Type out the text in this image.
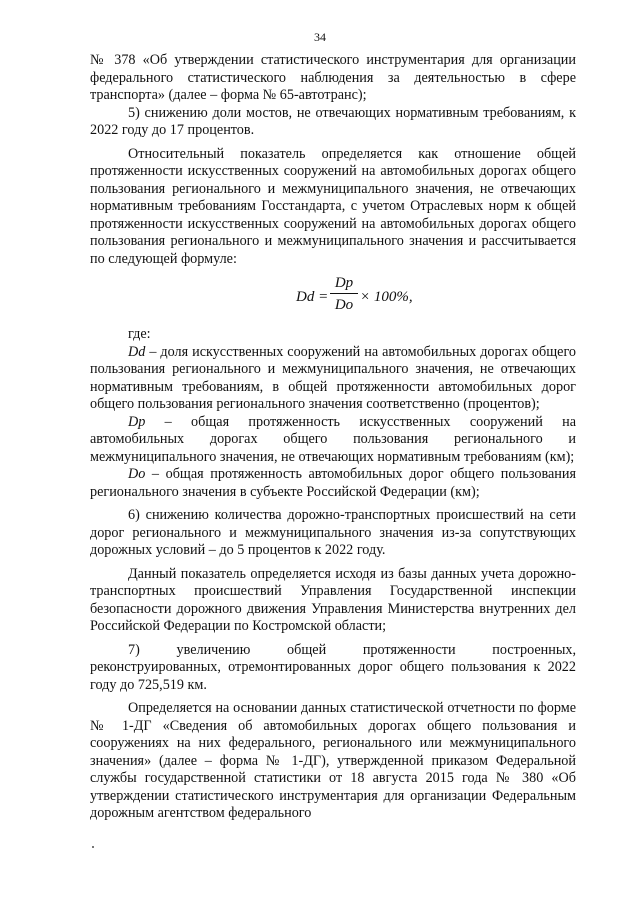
34

№ 378 «Об утверждении статистического инструментария для организации федерального статистического наблюдения за деятельностью в сфере транспорта» (далее – форма № 65-автотранс);

5) снижению доли мостов, не отвечающих нормативным требованиям, к 2022 году до 17 процентов.

Относительный показатель определяется как отношение общей протяженности искусственных сооружений на автомобильных дорогах общего пользования регионального и межмуниципального значения, не отвечающих нормативным требованиям Госстандарта, с учетом Отраслевых норм к общей протяженности искусственных сооружений на автомобильных дорогах общего пользования регионального и межмуниципального значения и рассчитывается по следующей формуле:

Dd =
Dp
Do × 100%,

где:

Dd – доля искусственных сооружений на автомобильных дорогах общего пользования регионального и межмуниципального значения, не отвечающих нормативным требованиям, в общей протяженности автомобильных дорог общего пользования регионального значения соответственно (процентов);

Dp – общая протяженность искусственных сооружений на автомобильных дорогах общего пользования регионального и межмуниципального значения, не отвечающих нормативным требованиям (км);

Do – общая протяженность автомобильных дорог общего пользования регионального значения в субъекте Российской Федерации (км);

6) снижению количества дорожно-транспортных происшествий на сети дорог регионального и межмуниципального значения из-за сопутствующих дорожных условий – до 5 процентов к 2022 году.

Данный показатель определяется исходя из базы данных учета дорожно-транспортных происшествий Управления Государственной инспекции безопасности дорожного движения Управления Министерства внутренних дел Российской Федерации по Костромской области;

7) увеличению общей протяженности построенных, реконструированных, отремонтированных дорог общего пользования к 2022 году до 725,519 км.

Определяется на основании данных статистической отчетности по форме № 1-ДГ «Сведения об автомобильных дорогах общего пользования и сооружениях на них федерального, регионального или межмуниципального значения» (далее – форма № 1-ДГ), утвержденной приказом Федеральной службы государственной статистики от 18 августа 2015 года № 380 «Об утверждении статистического инструментария для организации Федеральным дорожным агентством федерального
